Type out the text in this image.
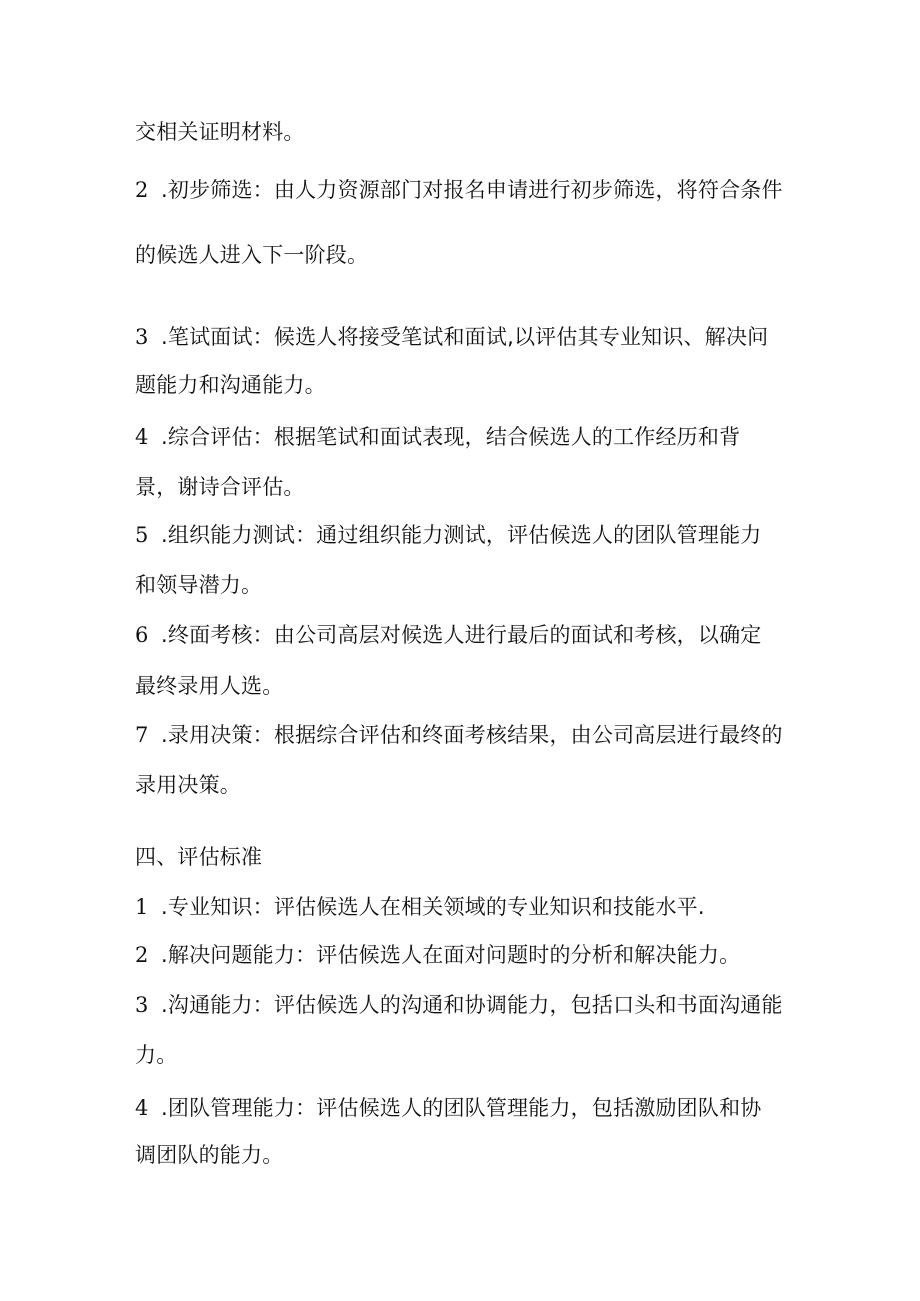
交相关证明材料。
2 .初步筛选：由人力资源部门对报名申请进行初步筛选，将符合条件
的候选人进入下一阶段。
3 .笔试面试：候选人将接受笔试和面试,以评估其专业知识、解决问
题能力和沟通能力。
4 .综合评估：根据笔试和面试表现，结合候选人的工作经历和背
景，谢诗合评估。
5 .组织能力测试：通过组织能力测试，评估候选人的团队管理能力
和领导潜力。
6 .终面考核：由公司高层对候选人进行最后的面试和考核，以确定
最终录用人选。
7 .录用决策：根据综合评估和终面考核结果，由公司高层进行最终的
录用决策。
四、评估标准
1 .专业知识：评估候选人在相关领域的专业知识和技能水平.
2 .解决问题能力：评估候选人在面对问题时的分析和解决能力。
3 .沟通能力：评估候选人的沟通和协调能力，包括口头和书面沟通能
力。
4 .团队管理能力：评估候选人的团队管理能力，包括激励团队和协
调团队的能力。
